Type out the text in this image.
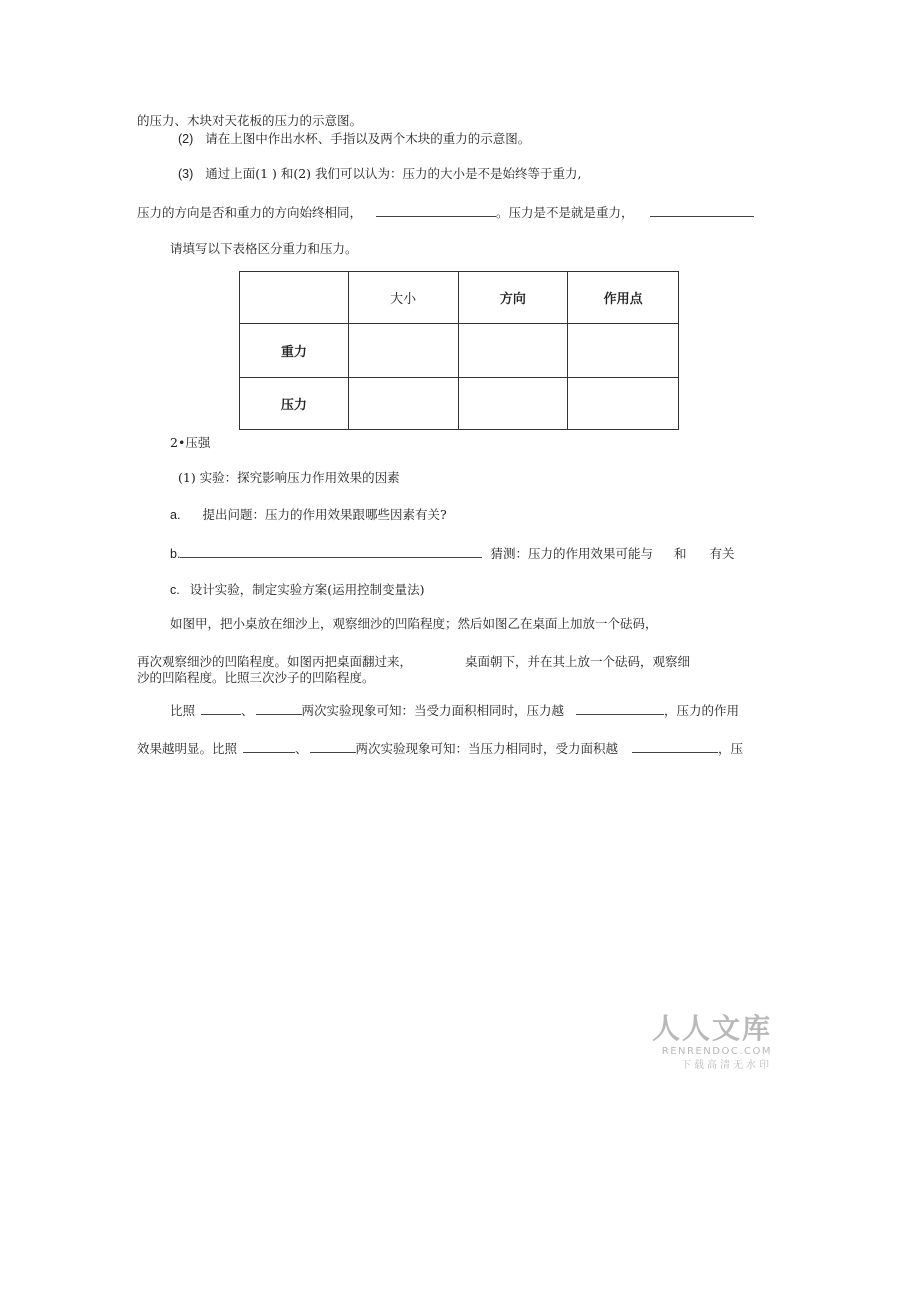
的压力、木块对天花板的压力的示意图。
(2) 请在上图中作出水杯、手指以及两个木块的重力的示意图。
(3) 通过上面(1 ) 和(2) 我们可以认为：压力的大小是不是始终等于重力,
压力的方向是否和重力的方向始终相同，	。压力是不是就是重力，
请填写以下表格区分重力和压力。
	大小	方向	作用点
重力			
压力			
2•压强
(1) 实验：探究影响压力作用效果的因素
a. 提出问题：压力的作用效果跟哪些因素有关?
b.	猜测：压力的作用效果可能与 和 有关
c. 设计实验，制定实验方案(运用控制变量法)
如图甲，把小桌放在细沙上，观察细沙的凹陷程度；然后如图乙在桌面上加放一个砝码，
再次观察细沙的凹陷程度。如图丙把桌面翻过来，	桌面朝下，并在其上放一个砝码，观察细
沙的凹陷程度。比照三次沙子的凹陷程度。
比照	、	两次实验现象可知：当受力面积相同时，压力越	，压力的作用
效果越明显。比照	、	两次实验现象可知：当压力相同时，受力面积越	，压
人人文库
RENRENDOC.COM
下载高清无水印
